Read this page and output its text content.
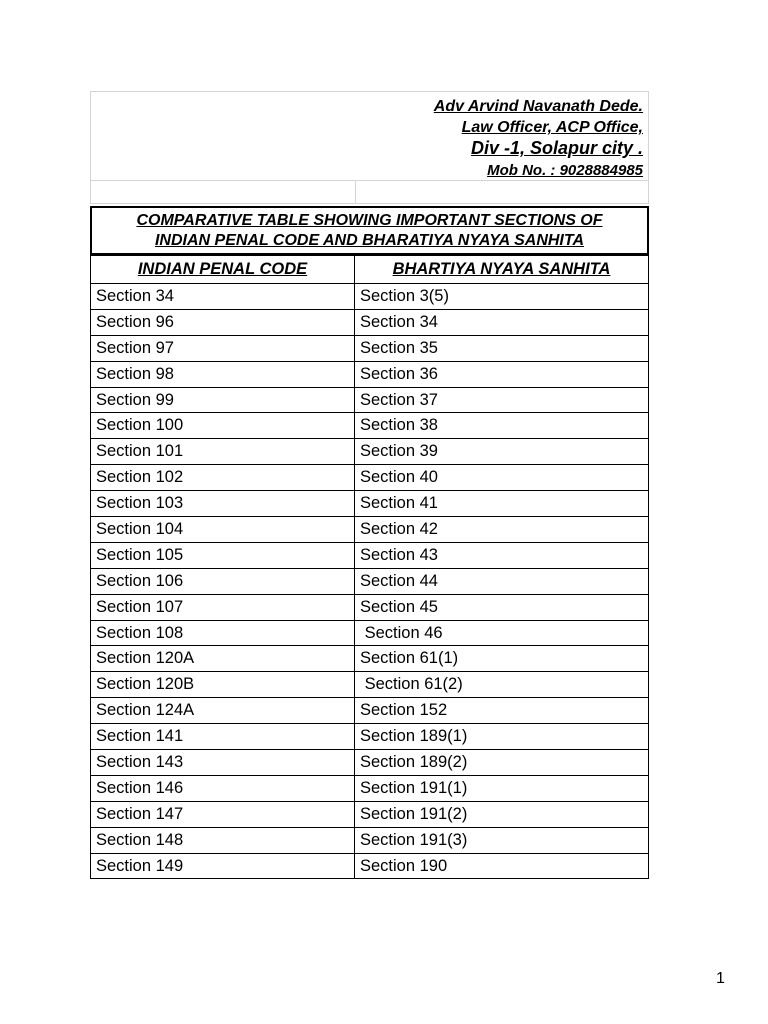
Adv Arvind Navanath Dede.
Law Officer, ACP Office,
Div -1, Solapur city .
Mob No. : 9028884985
COMPARATIVE TABLE SHOWING IMPORTANT SECTIONS OF
INDIAN PENAL CODE AND BHARATIYA NYAYA SANHITA
INDIAN PENAL CODE	BHARTIYA NYAYA SANHITA
Section 34	Section 3(5)
Section 96	Section 34
Section 97	Section 35
Section 98	Section 36
Section 99	Section 37
Section 100	Section 38
Section 101	Section 39
Section 102	Section 40
Section 103	Section 41
Section 104	Section 42
Section 105	Section 43
Section 106	Section 44
Section 107	Section 45
Section 108	Section 46
Section 120A	Section 61(1)
Section 120B	Section 61(2)
Section 124A	Section 152
Section 141	Section 189(1)
Section 143	Section 189(2)
Section 146	Section 191(1)
Section 147	Section 191(2)
Section 148	Section 191(3)
Section 149	Section 190
1
